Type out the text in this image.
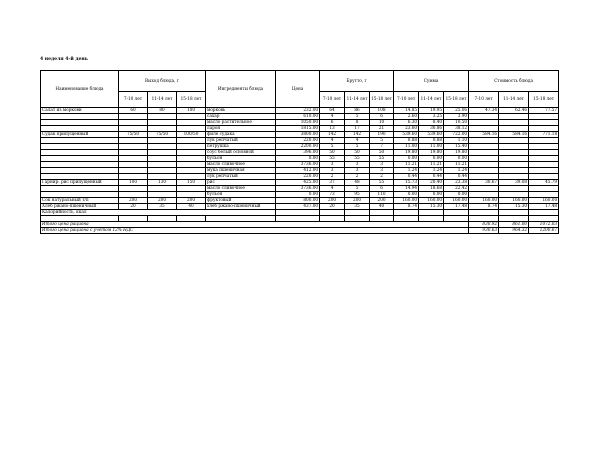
4 неделя 4-й день
Наименование блюда	Выход блюда, г			Ингредиенты блюда	Цена	Брутто, г			Сумма			Стоимость блюда		
	7-10 лет	11-14 лет	15-18 лет			7-10 лет	11-14 лет	15-18 лет	7-10 лет	11-14 лет	15-18 лет	7-10 лет	11-14 лет	15-18 лет
Салат из моркови	60	80	100	морковь	232.00	64	86	108	14.85	19.95	25.06	47.34	62.46	77.57
				сахар	610.00	4	5	6	2.60	3.25	3.90			
				масло растительное	1050.00	6	8	10	6.30	8.40	10.50			
				ларон	1815.00	13	17	21	23.60	30.86	38.12			
Судак припущенный	75/50	75/50	100/50	филе судака	3800.00	142	142	190	539.60	539.60	722.00	584.16	584.16	771.18
				лук репчатый	220.00	4	4	5	0.88	0.88	1.10			
				петрушка	2200.00	5	5	7	11.00	11.00	15.40			
				соус белый основной	396.00	50	50	50	19.80	19.80	19.80			
				бульон	0.00	55	55	55	0.00	0.00	0.00			
				масло сливочное	3736.00	3	3	3	11.21	11.21	11.21			
				мука пшеничная	412.00	3	3	3	1.24	1.24	1.24			
				лук репчатый	220.00	2	2	2	0.44	0.44	0.44			
Гарнир: рис припущенный	100	130	150	рис	425.00	37	48	55	15.73	20.40	23.38	30.67	39.08	45.79
				масло сливочное	3736.00	4	5	6	14.94	18.68	22.42			
				бульон	0.00	73	95	110	0.00	0.00	0.00			
Сок натуральный т/п	200	200	200	фруктовый	800.00	200	200	200	160.00	160.00	160.00	160.00	160.00	160.00
Хлеб ржано-пшеничный	20	35	40	хлеб ржано-пшеничный	437.00	20	35	40	8.74	15.30	17.48	8.74	15.30	17.48
Калорийность, ккал														

Итого цена рациона												830.92	861.00	1072.03
Итого цена рациона с учетом 12% НДС												930.63	964.32	1200.67
